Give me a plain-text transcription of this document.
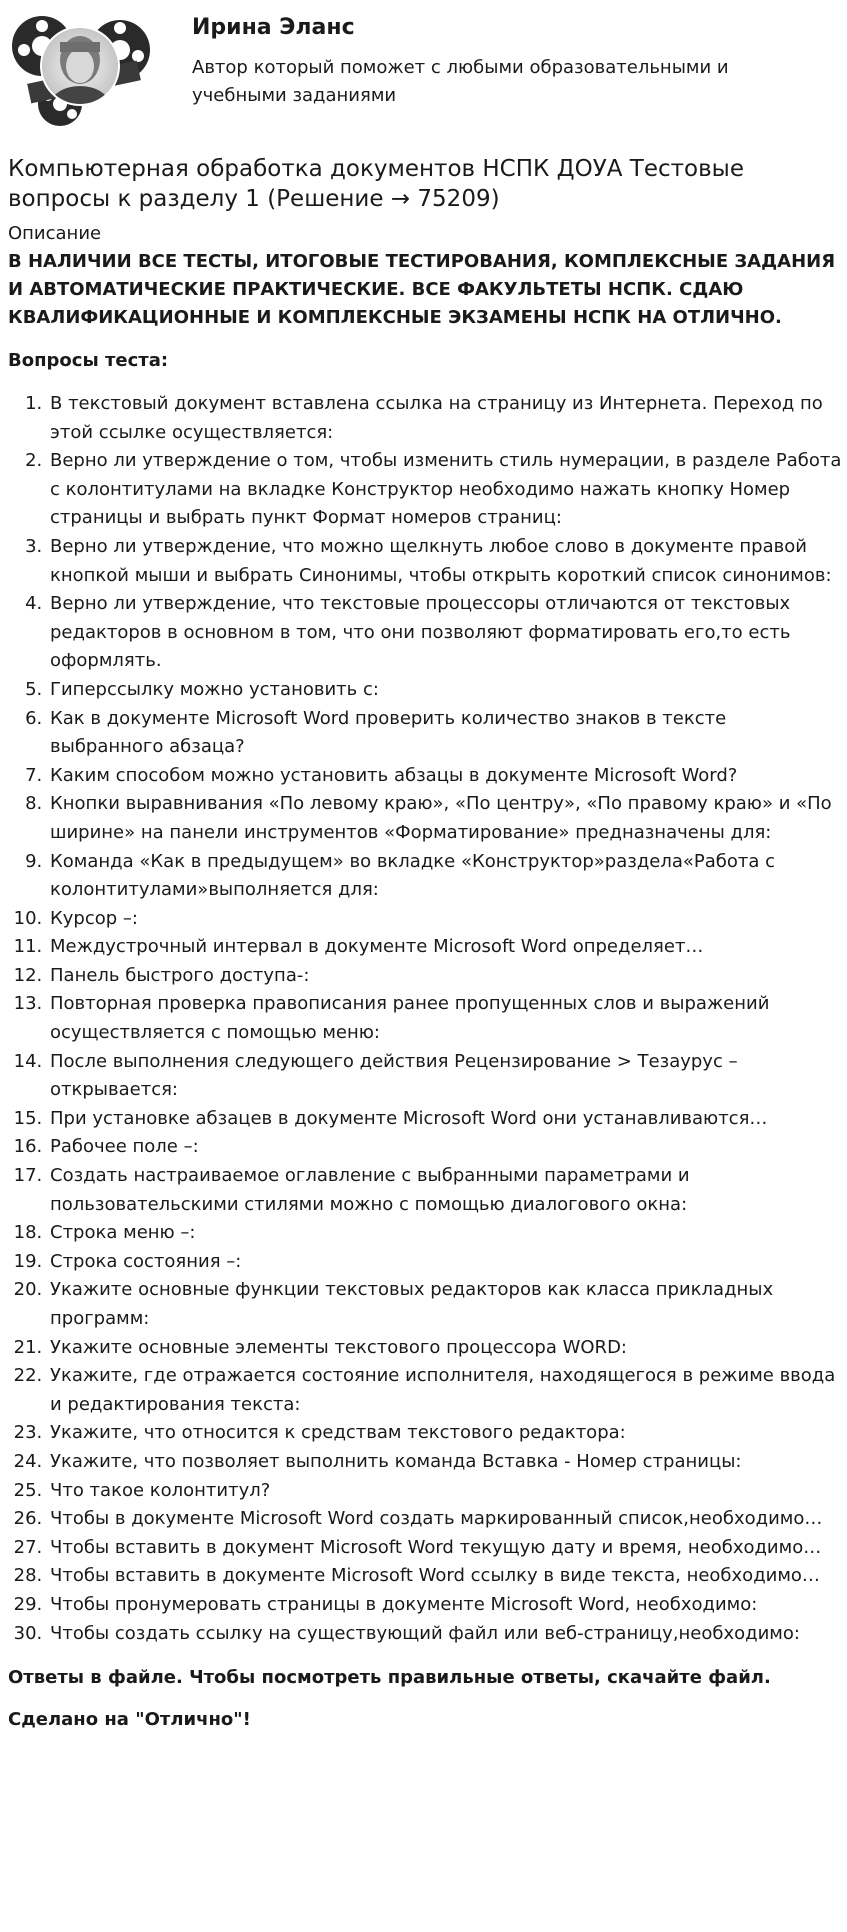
Ирина Эланс

Автор который поможет с любыми образовательными и учебными заданиями

Компьютерная обработка документов НСПК ДОУА Тестовые вопросы к разделу 1 (Решение → 75209)

Описание

В НАЛИЧИИ ВСЕ ТЕСТЫ, ИТОГОВЫЕ ТЕСТИРОВАНИЯ, КОМПЛЕКСНЫЕ ЗАДАНИЯ И АВТОМАТИЧЕСКИЕ ПРАКТИЧЕСКИЕ. ВСЕ ФАКУЛЬТЕТЫ НСПК. СДАЮ КВАЛИФИКАЦИОННЫЕ И КОМПЛЕКСНЫЕ ЭКЗАМЕНЫ НСПК НА ОТЛИЧНО.

Вопросы теста:

1. В текстовый документ вставлена ссылка на страницу из Интернета. Переход по этой ссылке осуществляется:
2. Верно ли утверждение о том, чтобы изменить стиль нумерации, в разделе Работа с колонтитулами на вкладке Конструктор необходимо нажать кнопку Номер страницы и выбрать пункт Формат номеров страниц:
3. Верно ли утверждение, что можно щелкнуть любое слово в документе правой кнопкой мыши и выбрать Синонимы, чтобы открыть короткий список синонимов:
4. Верно ли утверждение, что текстовые процессоры отличаются от текстовых редакторов в основном в том, что они позволяют форматировать его,то есть оформлять.
5. Гиперссылку можно установить с:
6. Как в документе Microsoft Word проверить количество знаков в тексте выбранного абзаца?
7. Каким способом можно установить абзацы в документе Microsoft Word?
8. Кнопки выравнивания «По левому краю», «По центру», «По правому краю» и «По ширине» на панели инструментов «Форматирование» предназначены для:
9. Команда «Как в предыдущем» во вкладке «Конструктор»раздела«Работа с колонтитулами»выполняется для:
10. Курсор –:
11. Междустрочный интервал в документе Microsoft Word определяет…
12. Панель быстрого доступа-:
13. Повторная проверка правописания ранее пропущенных слов и выражений осуществляется с помощью меню:
14. После выполнения следующего действия Рецензирование > Тезаурус – открывается:
15. При установке абзацев в документе Microsoft Word они устанавливаются…
16. Рабочее поле –:
17. Создать настраиваемое оглавление с выбранными параметрами и пользовательскими стилями можно с помощью диалогового окна:
18. Строка меню –:
19. Строка состояния –:
20. Укажите основные функции текстовых редакторов как класса прикладных программ:
21. Укажите основные элементы текстового процессора WORD:
22. Укажите, где отражается состояние исполнителя, находящегося в режиме ввода и редактирования текста:
23. Укажите, что относится к средствам текстового редактора:
24. Укажите, что позволяет выполнить команда Вставка - Номер страницы:
25. Что такое колонтитул?
26. Чтобы в документе Microsoft Word создать маркированный список,необходимо…
27. Чтобы вставить в документ Microsoft Word текущую дату и время, необходимо…
28. Чтобы вставить в документе Microsoft Word ссылку в виде текста, необходимо…
29. Чтобы пронумеровать страницы в документе Microsoft Word, необходимо:
30. Чтобы создать ссылку на существующий файл или веб-страницу,необходимо:

Ответы в файле. Чтобы посмотреть правильные ответы, скачайте файл.

Сделано на "Отлично"!
